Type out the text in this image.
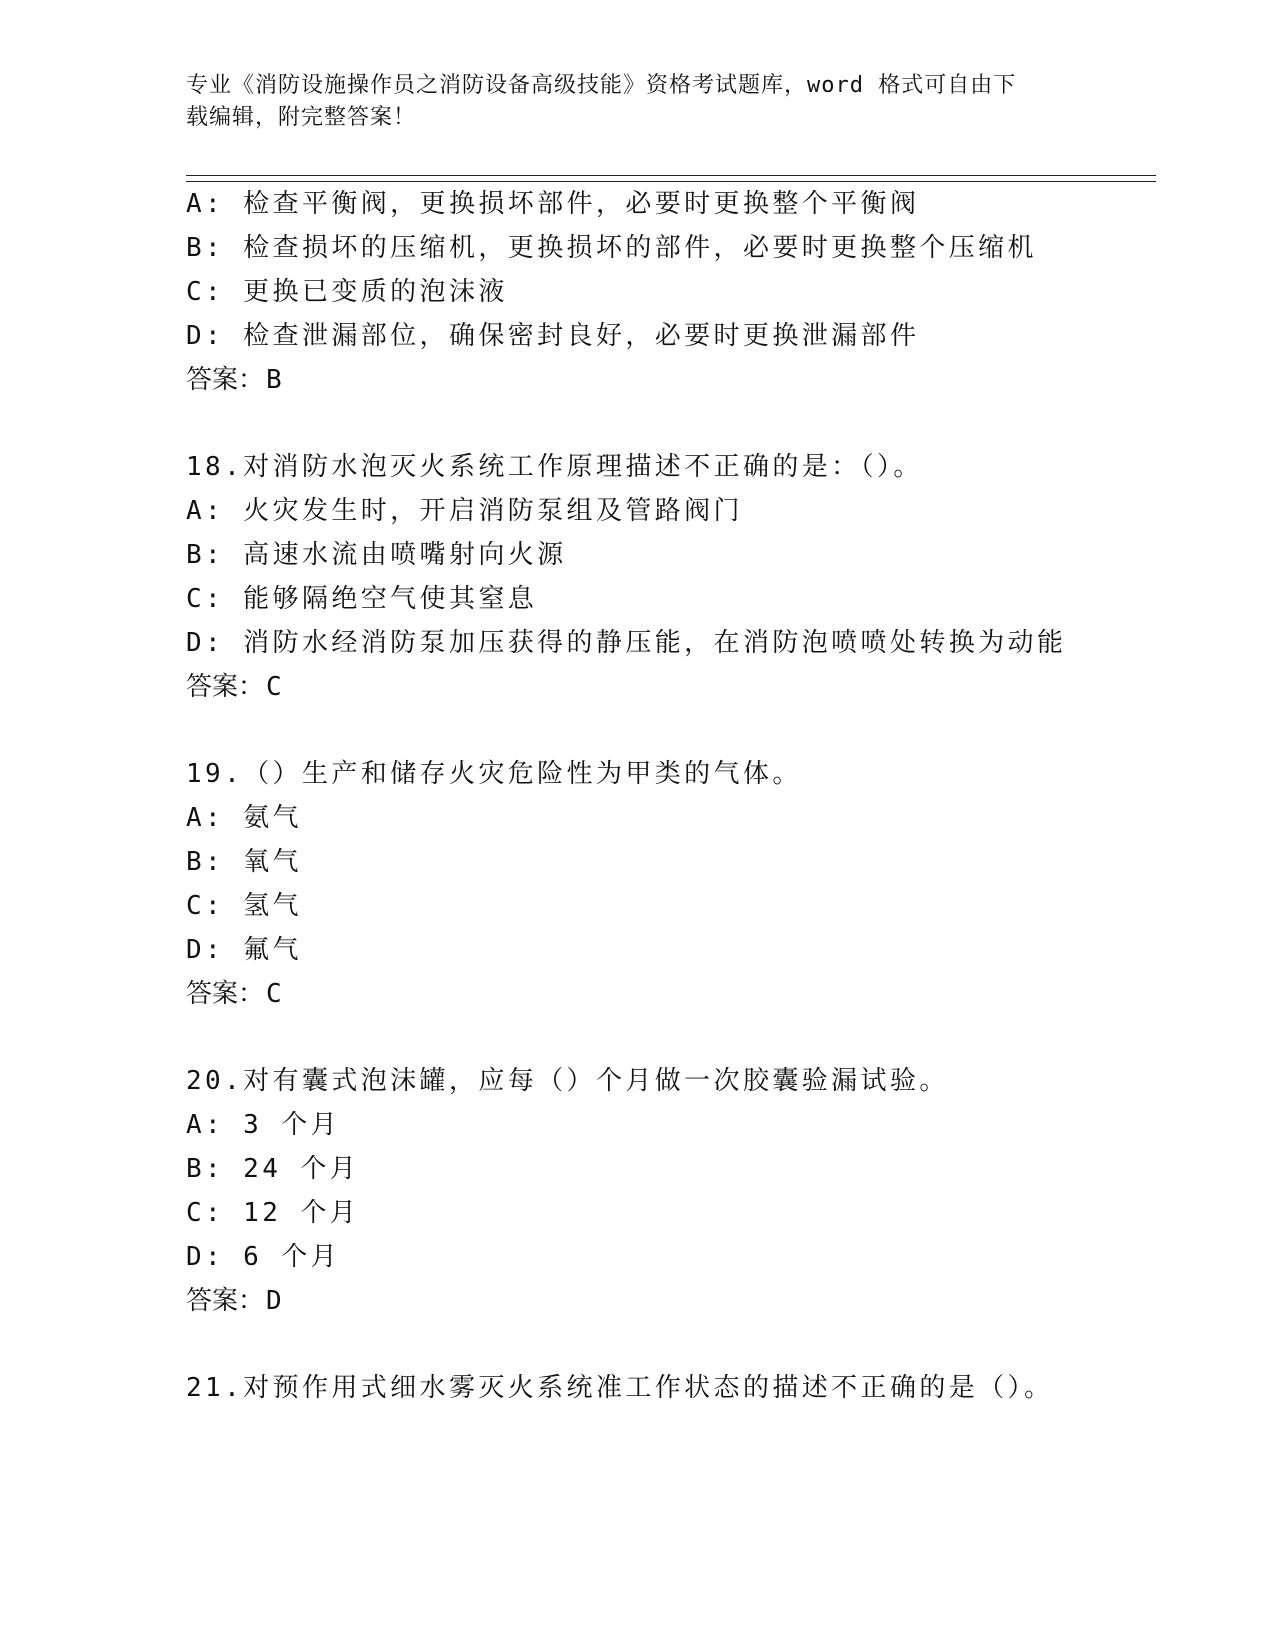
专业《消防设施操作员之消防设备高级技能》资格考试题库，word 格式可自由下
载编辑，附完整答案！
A: 检查平衡阀，更换损坏部件，必要时更换整个平衡阀
B: 检查损坏的压缩机，更换损坏的部件，必要时更换整个压缩机
C: 更换已变质的泡沫液
D: 检查泄漏部位，确保密封良好，必要时更换泄漏部件
答案：B
18.对消防水泡灭火系统工作原理描述不正确的是：（）。
A: 火灾发生时，开启消防泵组及管路阀门
B: 高速水流由喷嘴射向火源
C: 能够隔绝空气使其窒息
D: 消防水经消防泵加压获得的静压能，在消防泡喷喷处转换为动能
答案：C
19.（）生产和储存火灾危险性为甲类的气体。
A: 氨气
B: 氧气
C: 氢气
D: 氟气
答案：C
20.对有囊式泡沫罐，应每（）个月做一次胶囊验漏试验。
A: 3 个月
B: 24 个月
C: 12 个月
D: 6 个月
答案：D
21.对预作用式细水雾灭火系统准工作状态的描述不正确的是（）。
